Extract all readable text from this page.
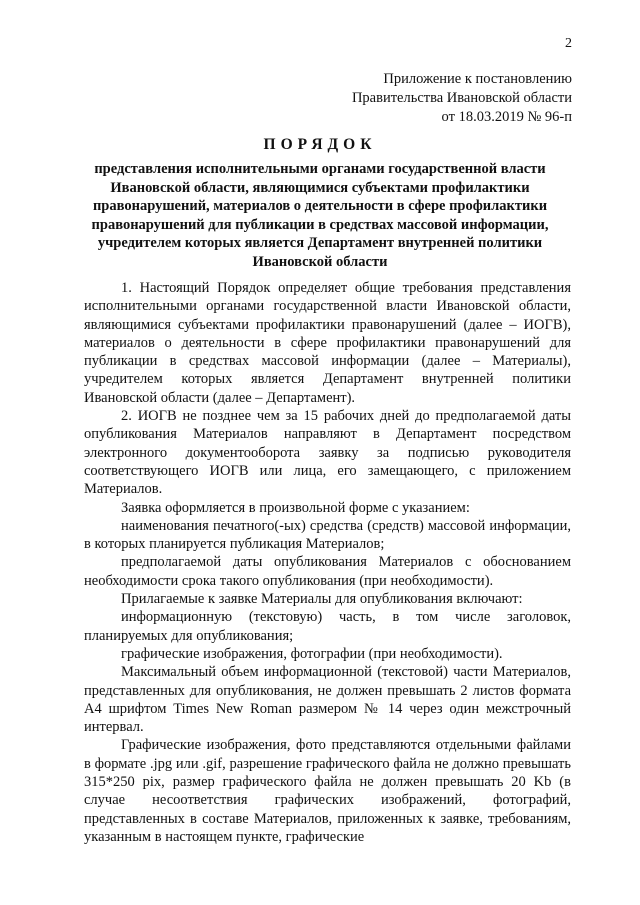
2
Приложение к постановлению
Правительства Ивановской области
от 18.03.2019 № 96-п
ПОРЯДОК
представления исполнительными органами государственной власти Ивановской области, являющимися субъектами профилактики правонарушений, материалов о деятельности в сфере профилактики правонарушений для публикации в средствах массовой информации, учредителем которых является Департамент внутренней политики Ивановской области

1. Настоящий Порядок определяет общие требования представления исполнительными органами государственной власти Ивановской области, являющимися субъектами профилактики правонарушений (далее – ИОГВ), материалов о деятельности в сфере профилактики правонарушений для публикации в средствах массовой информации (далее – Материалы), учредителем которых является Департамент внутренней политики Ивановской области (далее – Департамент).

2. ИОГВ не позднее чем за 15 рабочих дней до предполагаемой даты опубликования Материалов направляют в Департамент посредством электронного документооборота заявку за подписью руководителя соответствующего ИОГВ или лица, его замещающего, с приложением Материалов.

Заявка оформляется в произвольной форме с указанием:

наименования печатного(-ых) средства (средств) массовой информации, в которых планируется публикация Материалов;

предполагаемой даты опубликования Материалов с обоснованием необходимости срока такого опубликования (при необходимости).

Прилагаемые к заявке Материалы для опубликования включают:

информационную (текстовую) часть, в том числе заголовок, планируемых для опубликования;

графические изображения, фотографии (при необходимости).

Максимальный объем информационной (текстовой) части Материалов, представленных для опубликования, не должен превышать 2 листов формата А4 шрифтом Times New Roman размером № 14 через один межстрочный интервал.

Графические изображения, фото представляются отдельными файлами в формате .jpg или .gif, разрешение графического файла не должно превышать 315*250 pix, размер графического файла не должен превышать 20 Kb (в случае несоответствия графических изображений, фотографий, представленных в составе Материалов, приложенных к заявке, требованиям, указанным в настоящем пункте, графические
